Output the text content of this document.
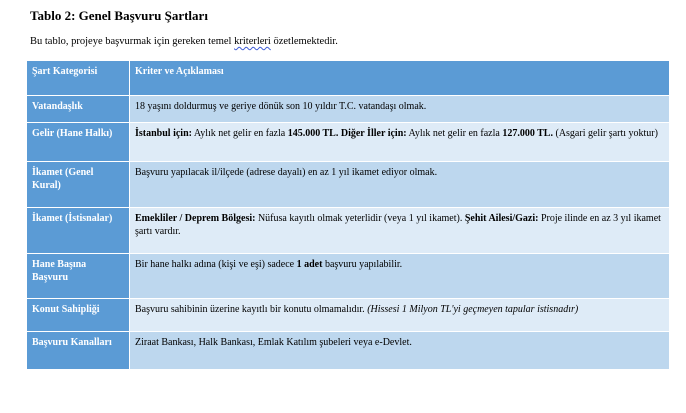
Tablo 2: Genel Başvuru Şartları
Bu tablo, projeye başvurmak için gereken temel kriterleri özetlemektedir.
Şart Kategorisi	Kriter ve Açıklaması
Vatandaşlık	18 yaşını doldurmuş ve geriye dönük son 10 yıldır T.C. vatandaşı olmak.
Gelir (Hane Halkı)	İstanbul için: Aylık net gelir en fazla 145.000 TL. Diğer İller için: Aylık net gelir en fazla 127.000 TL. (Asgari gelir şartı yoktur)
İkamet (Genel Kural)	Başvuru yapılacak il/ilçede (adrese dayalı) en az 1 yıl ikamet ediyor olmak.
İkamet (İstisnalar)	Emekliler / Deprem Bölgesi: Nüfusa kayıtlı olmak yeterlidir (veya 1 yıl ikamet). Şehit Ailesi/Gazi: Proje ilinde en az 3 yıl ikamet şartı vardır.
Hane Başına Başvuru	Bir hane halkı adına (kişi ve eşi) sadece 1 adet başvuru yapılabilir.
Konut Sahipliği	Başvuru sahibinin üzerine kayıtlı bir konutu olmamalıdır. (Hissesi 1 Milyon TL'yi geçmeyen tapular istisnadır)
Başvuru Kanalları	Ziraat Bankası, Halk Bankası, Emlak Katılım şubeleri veya e-Devlet.
